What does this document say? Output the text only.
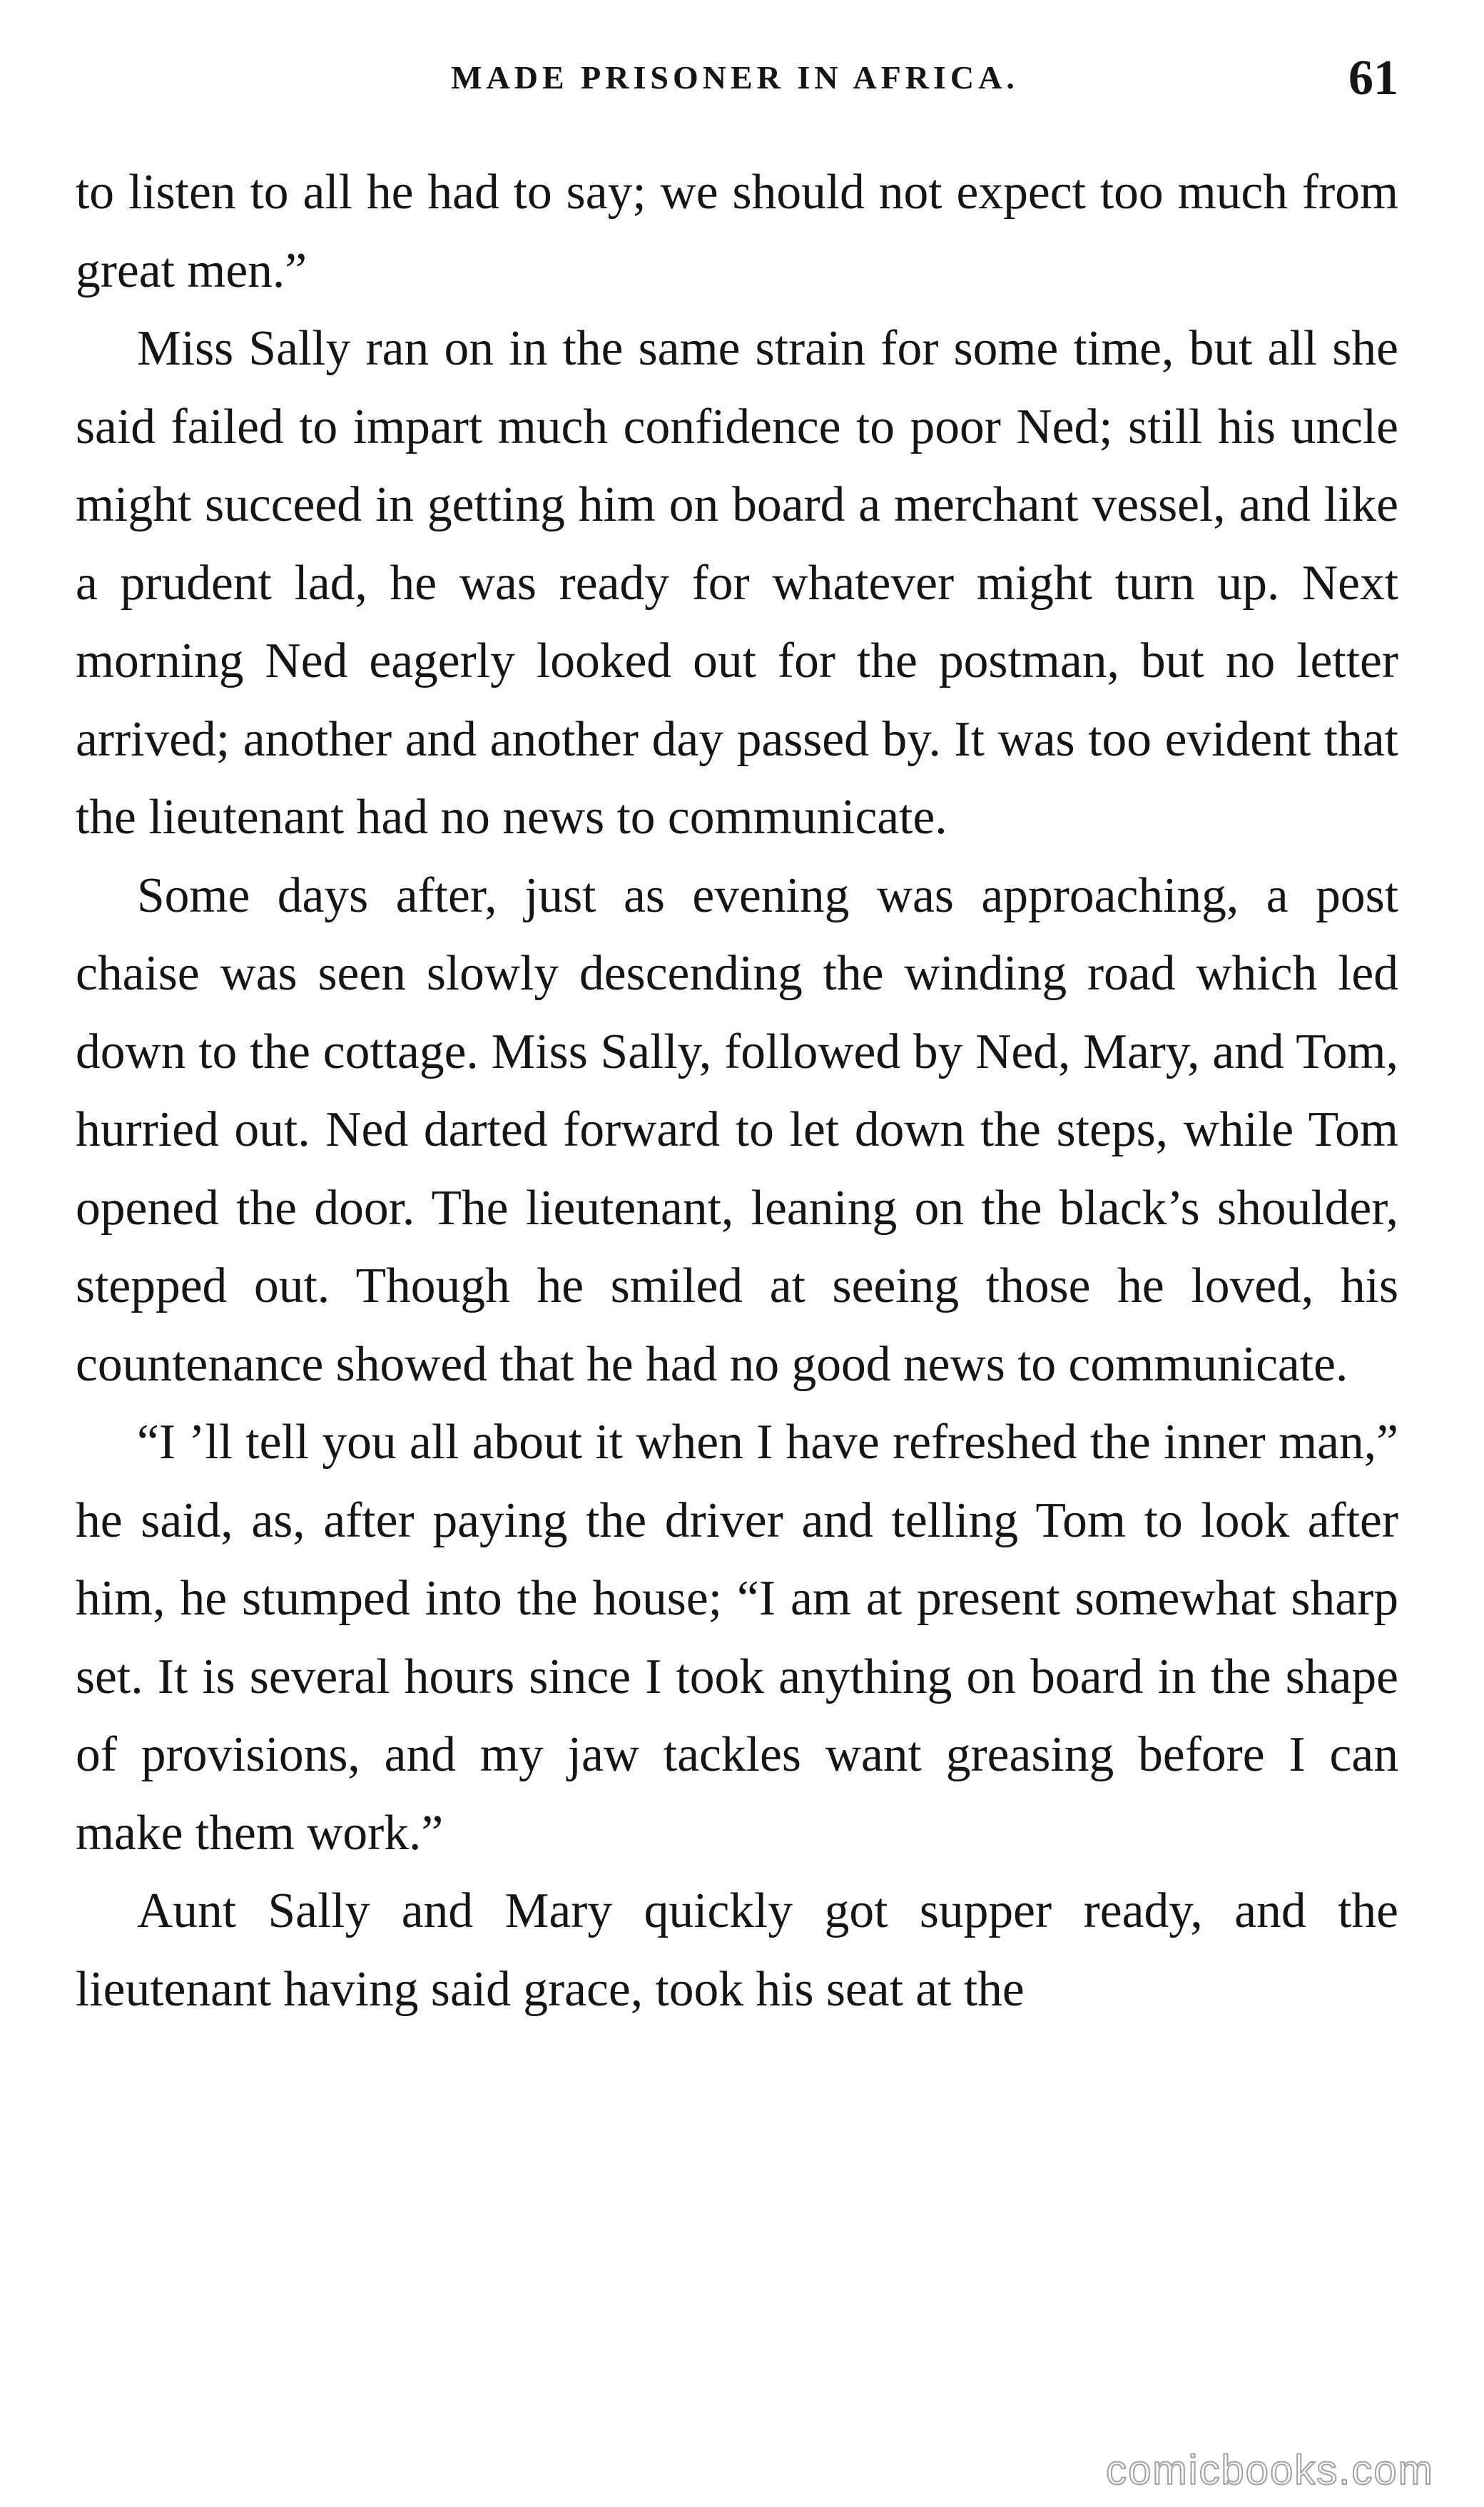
MADE PRISONER IN AFRICA.	61

to listen to all he had to say; we should not expect too much from great men.”

Miss Sally ran on in the same strain for some time, but all she said failed to impart much confidence to poor Ned; still his uncle might succeed in getting him on board a merchant vessel, and like a prudent lad, he was ready for whatever might turn up. Next morning Ned eagerly looked out for the postman, but no letter arrived; another and another day passed by. It was too evident that the lieutenant had no news to communicate.

Some days after, just as evening was approaching, a post chaise was seen slowly descending the winding road which led down to the cottage. Miss Sally, followed by Ned, Mary, and Tom, hurried out. Ned darted forward to let down the steps, while Tom opened the door. The lieutenant, leaning on the black’s shoulder, stepped out. Though he smiled at seeing those he loved, his countenance showed that he had no good news to communicate.

“I ’ll tell you all about it when I have refreshed the inner man,” he said, as, after paying the driver and telling Tom to look after him, he stumped into the house; “I am at present somewhat sharp set. It is several hours since I took anything on board in the shape of provisions, and my jaw tackles want greasing before I can make them work.”

Aunt Sally and Mary quickly got supper ready, and the lieutenant having said grace, took his seat at the

comicbooks.com
